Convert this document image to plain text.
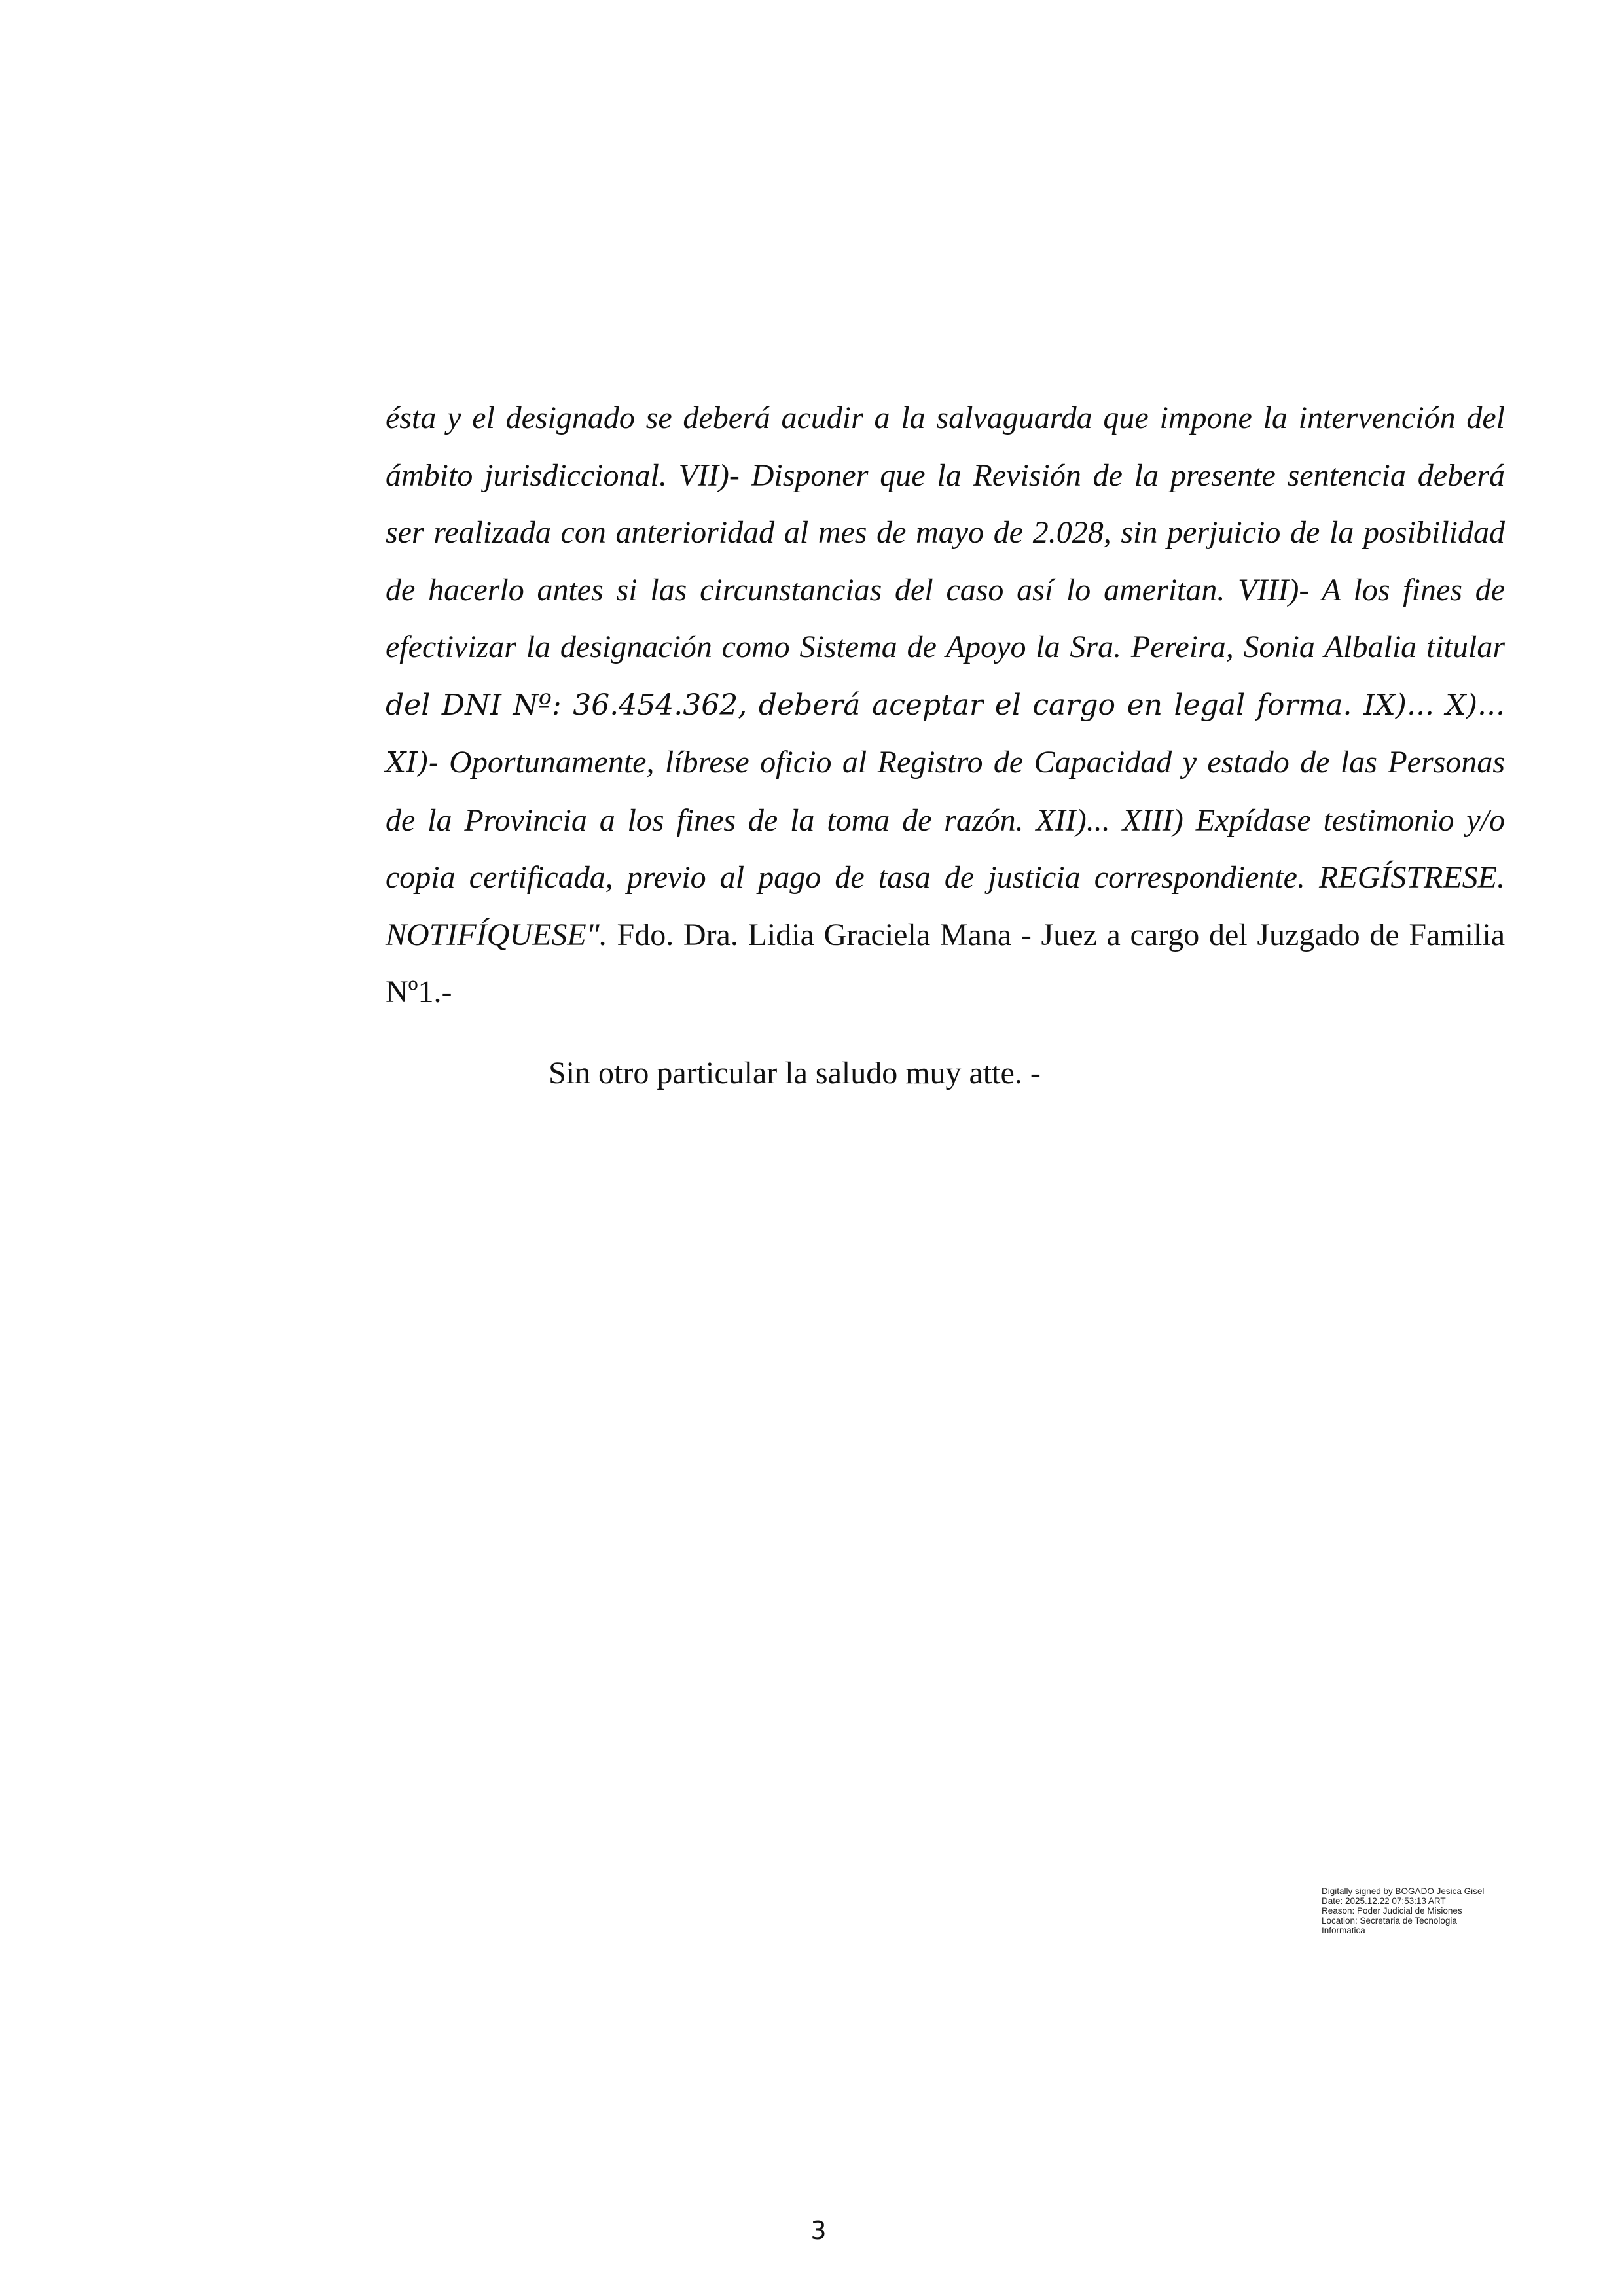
ésta y el designado se deberá acudir a la salvaguarda que impone la intervención del ámbito jurisdiccional. VII)- Disponer que la Revisión de la presente sentencia deberá ser realizada con anterioridad al mes de mayo de 2.028, sin perjuicio de la posibilidad de hacerlo antes si las circunstancias del caso así lo ameritan. VIII)- A los fines de efectivizar la designación como Sistema de Apoyo la Sra. Pereira, Sonia Albalia titular del DNI Nº: 36.454.362, deberá aceptar el cargo en legal forma. IX)... X)... XI)- Oportunamente, líbrese oficio al Registro de Capacidad y estado de las Personas de la Provincia a los fines de la toma de razón. XII)... XIII) Expídase testimonio y/o copia certificada, previo al pago de tasa de justicia correspondiente. REGÍSTRESE. NOTIFÍQUESE". Fdo. Dra. Lidia Graciela Mana - Juez a cargo del Juzgado de Familia Nº1.-

Sin otro particular la saludo muy atte. -

Digitally signed by BOGADO Jesica Gisel
Date: 2025.12.22 07:53:13 ART
Reason: Poder Judicial de Misiones
Location: Secretaria de Tecnologia
Informatica
3
